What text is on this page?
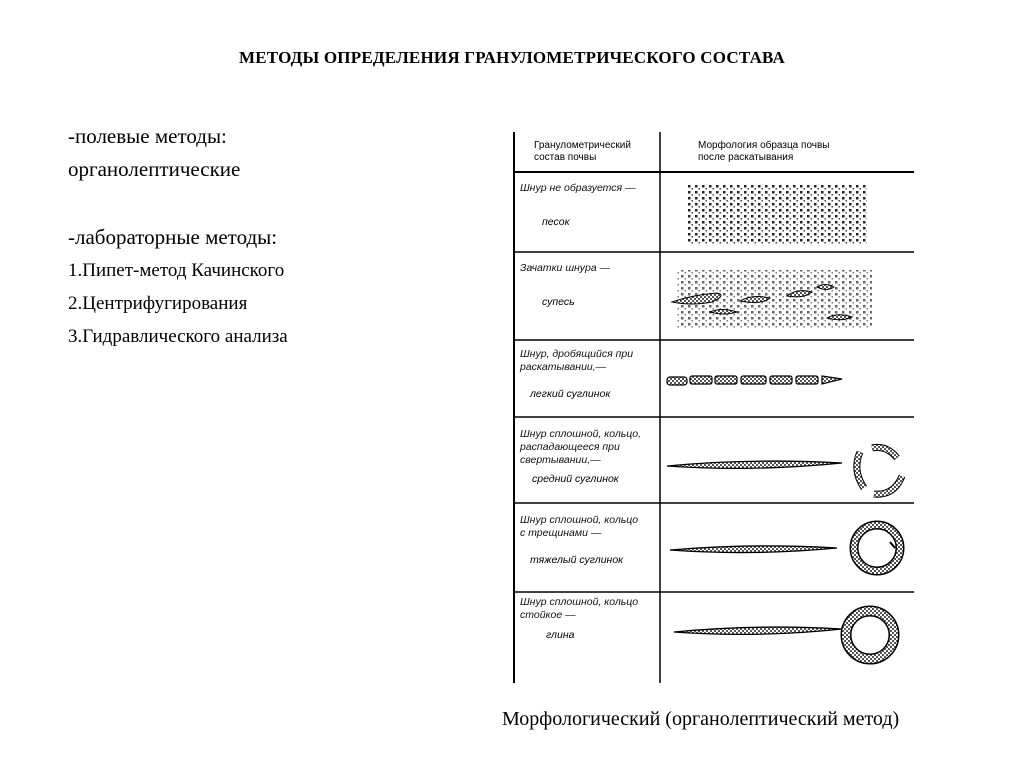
МЕТОДЫ ОПРЕДЕЛЕНИЯ ГРАНУЛОМЕТРИЧЕСКОГО СОСТАВА
-полевые методы:
органолептические
-лабораторные методы:
1.Пипет-метод Качинского
2.Центрифугирования
3.Гидравлического анализа
Гранулометрический
состав почвы
Морфология образца почвы
после раскатывания
Шнур не образуется —
песок
Зачатки шнура —
супесь
Шнур, дробящийся при
раскатывании,—
легкий суглинок
Шнур сплошной, кольцо,
распадающееся при
свертывании,—
средний суглинок
Шнур сплошной, кольцо
с трещинами —
тяжелый суглинок
Шнур сплошной, кольцо
стойкое —
глина
Морфологический (органолептический метод)
